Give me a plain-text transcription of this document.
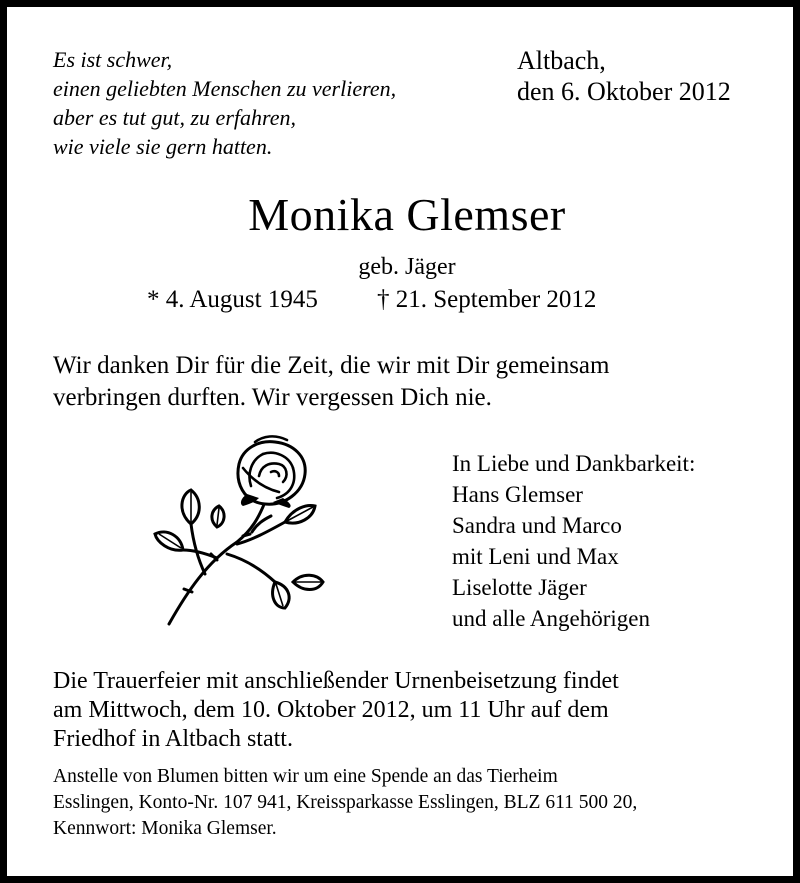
Es ist schwer,
einen geliebten Menschen zu verlieren,
aber es tut gut, zu erfahren,
wie viele sie gern hatten.
Altbach,
den 6. Oktober 2012
Monika Glemser
geb. Jäger
* 4. August 1945 † 21. September 2012
Wir danken Dir für die Zeit, die wir mit Dir gemeinsam
verbringen durften. Wir vergessen Dich nie.
In Liebe und Dankbarkeit:
Hans Glemser
Sandra und Marco
mit Leni und Max
Liselotte Jäger
und alle Angehörigen
Die Trauerfeier mit anschließender Urnenbeisetzung findet
am Mittwoch, dem 10. Oktober 2012, um 11 Uhr auf dem
Friedhof in Altbach statt.
Anstelle von Blumen bitten wir um eine Spende an das Tierheim
Esslingen, Konto-Nr. 107 941, Kreissparkasse Esslingen, BLZ 611 500 20,
Kennwort: Monika Glemser.
